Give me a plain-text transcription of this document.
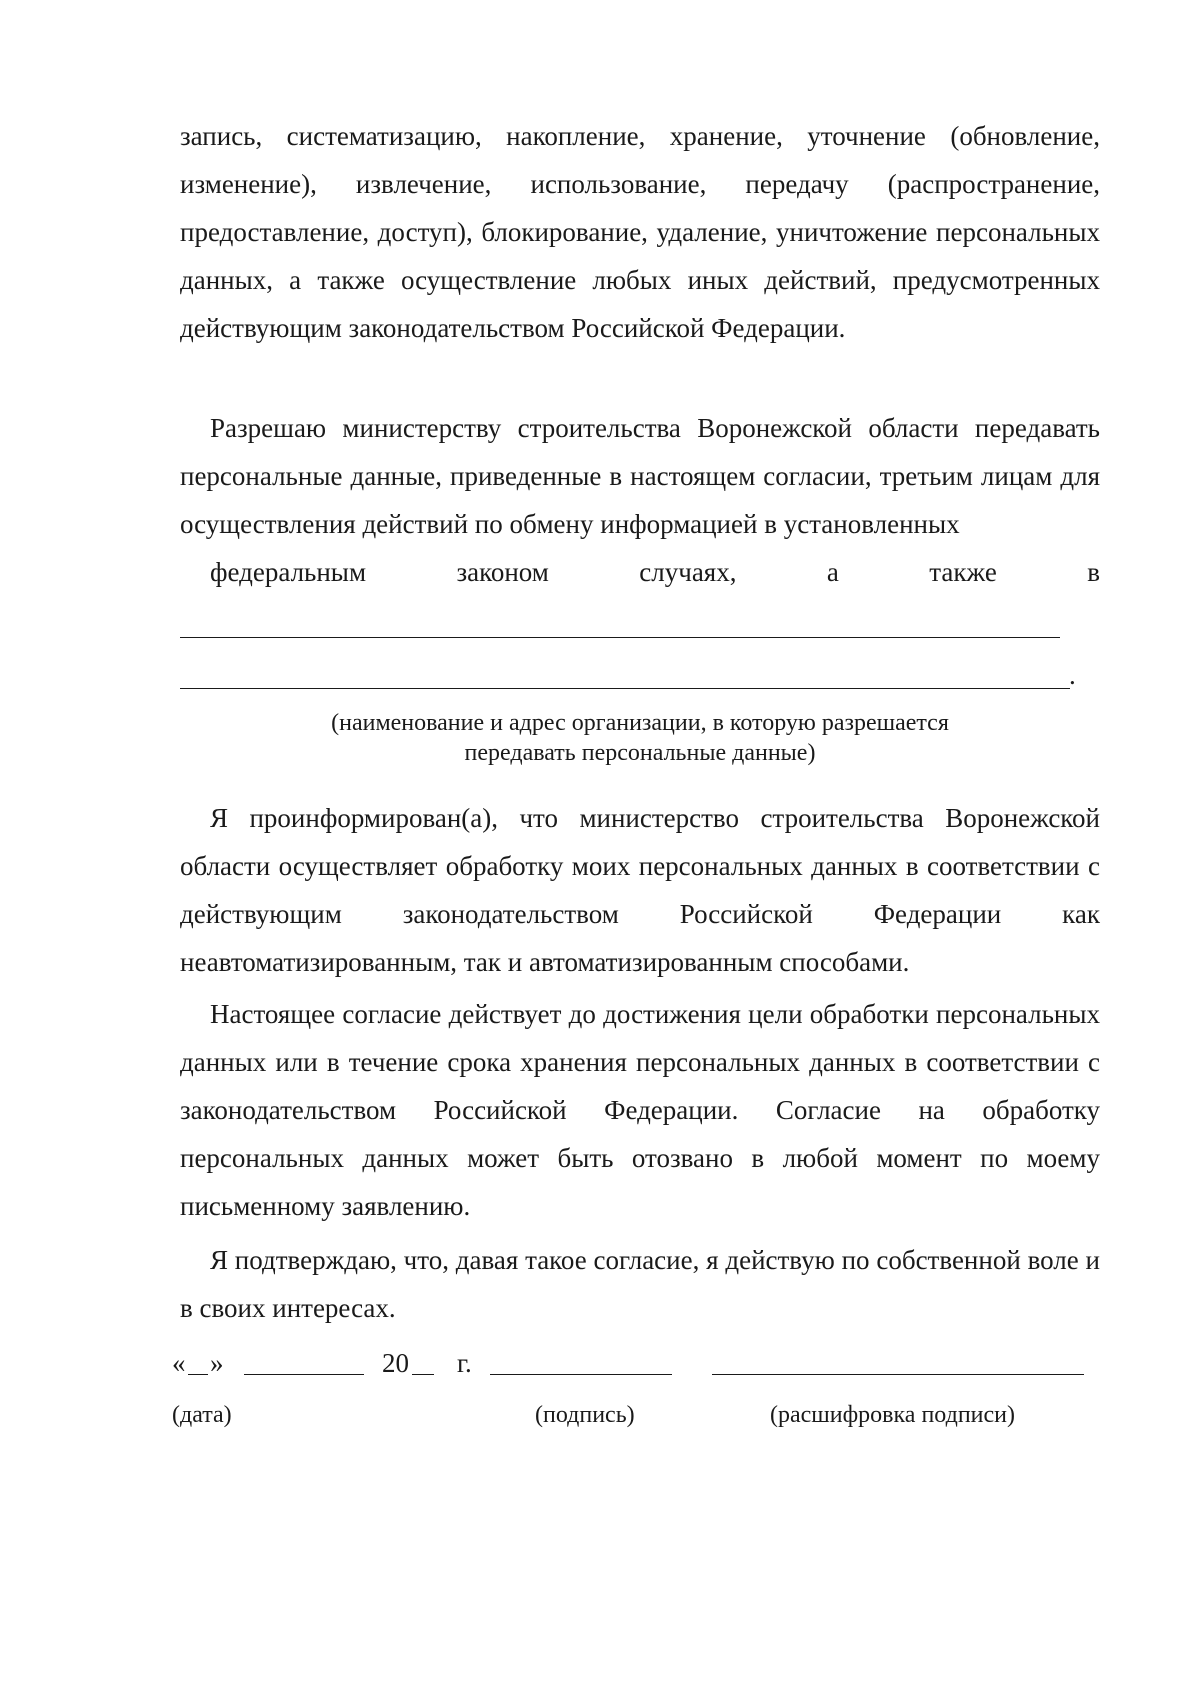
запись, систематизацию, накопление, хранение, уточнение (обновление, изменение), извлечение, использование, передачу (распространение, предоставление, доступ), блокирование, удаление, уничтожение персональных данных, а также осуществление любых иных действий, предусмотренных действующим законодательством Российской Федерации.

Разрешаю министерству строительства Воронежской области передавать персональные данные, приведенные в настоящем согласии, третьим лицам для осуществления действий по обмену информацией в установленных
федеральным законом случаях, а также в

.

(наименование и адрес организации, в которую разрешается
передавать персональные данные)

Я проинформирован(а), что министерство строительства Воронежской области осуществляет обработку моих персональных данных в соответствии с действующим законодательством Российской Федерации как неавтоматизированным, так и автоматизированным способами.

Настоящее согласие действует до достижения цели обработки персональных данных или в течение срока хранения персональных данных в соответствии с законодательством Российской Федерации. Согласие на обработку персональных данных может быть отозвано в любой момент по моему письменному заявлению.

Я подтверждаю, что, давая такое согласие, я действую по собственной воле и в своих интересах.

« »	20 г.
(дата)	(подпись)	(расшифровка подписи)
